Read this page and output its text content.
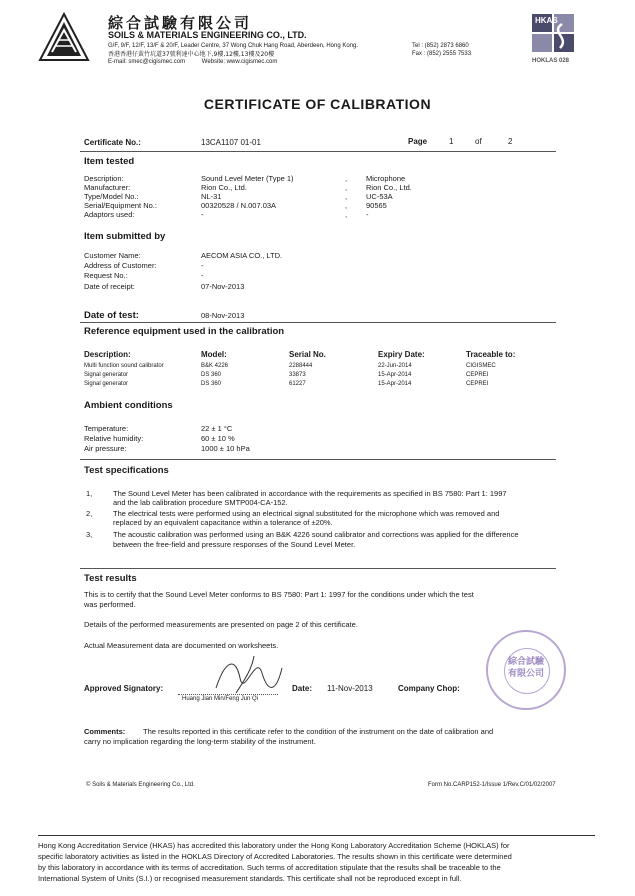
綜合試驗有限公司
SOILS & MATERIALS ENGINEERING CO., LTD.
G/F, 9/F, 12/F, 13/F & 20/F, Leader Centre, 37 Wong Chuk Hang Road, Aberdeen, Hong Kong.
香港香港仔黃竹坑道37號利達中心地下,9樓,12樓,13樓及20樓
E-mail: smec@cigismec.com          Website: www.cigismec.com
Tel : (852) 2873 6860
Fax : (852) 2555 7533
HKAS
HOKLAS 028
CERTIFICATE OF CALIBRATION
Certificate No.:	13CA1107 01-01	Page	1	of	2
Item tested
Description:	Sound Level Meter (Type 1)	,	Microphone
Manufacturer:	Rion Co., Ltd.	,	Rion Co., Ltd.
Type/Model No.:	NL-31	,	UC-53A
Serial/Equipment No.:	00320528 / N.007.03A	,	90565
Adaptors used:	-	,	-
Item submitted by
Customer Name:	AECOM ASIA CO., LTD.
Address of Customer:	-
Request No.:	-
Date of receipt:	07-Nov-2013
Date of test:	08-Nov-2013
Reference equipment used in the calibration
Description:	Model:	Serial No.	Expiry Date:	Traceable to:
Multi function sound calibrator	B&K 4226	2288444	22-Jun-2014	CIGISMEC
Signal generator	DS 360	33873	15-Apr-2014	CEPREI
Signal generator	DS 360	61227	15-Apr-2014	CEPREI
Ambient conditions
Temperature:	22 ± 1 °C
Relative humidity:	60 ± 10 %
Air pressure:	1000 ± 10 hPa
Test specifications
1,	The Sound Level Meter has been calibrated in accordance with the requirements as specified in BS 7580: Part 1: 1997
and the lab calibration procedure SMTP004-CA-152.
2,	The electrical tests were performed using an electrical signal substituted for the microphone which was removed and
replaced by an equivalent capacitance within a tolerance of ±20%.
3,	The acoustic calibration was performed using an B&K 4226 sound calibrator and corrections was applied for the difference
between the free-field and pressure responses of the Sound Level Meter.
Test results
This is to certify that the Sound Level Meter conforms to BS 7580: Part 1: 1997 for the conditions under which the test
was performed.
Details of the performed measurements are presented on page 2 of this certificate.
Actual Measurement data are documented on worksheets.
Approved Signatory:
Huang Jian Min/Feng Jun Qi
Date: 11-Nov-2013	Company Chop:
綜合試驗有限公司
Comments: The results reported in this certificate refer to the condition of the instrument on the date of calibration and
carry no implication regarding the long-term stability of the instrument.
© Soils & Materials Engineering Co., Ltd.	Form No.CARP152-1/Issue 1/Rev.C/01/02/2007
Hong Kong Accreditation Service (HKAS) has accredited this laboratory under the Hong Kong Laboratory Accreditation Scheme (HOKLAS) for
specific laboratory activities as listed in the HOKLAS Directory of Accredited Laboratories. The results shown in this certificate were determined
by this laboratory in accordance with its terms of accreditation. Such terms of accreditation stipulate that the results shall be traceable to the
International System of Units (S.I.) or recognised measurement standards. This certificate shall not be reproduced except in full.
